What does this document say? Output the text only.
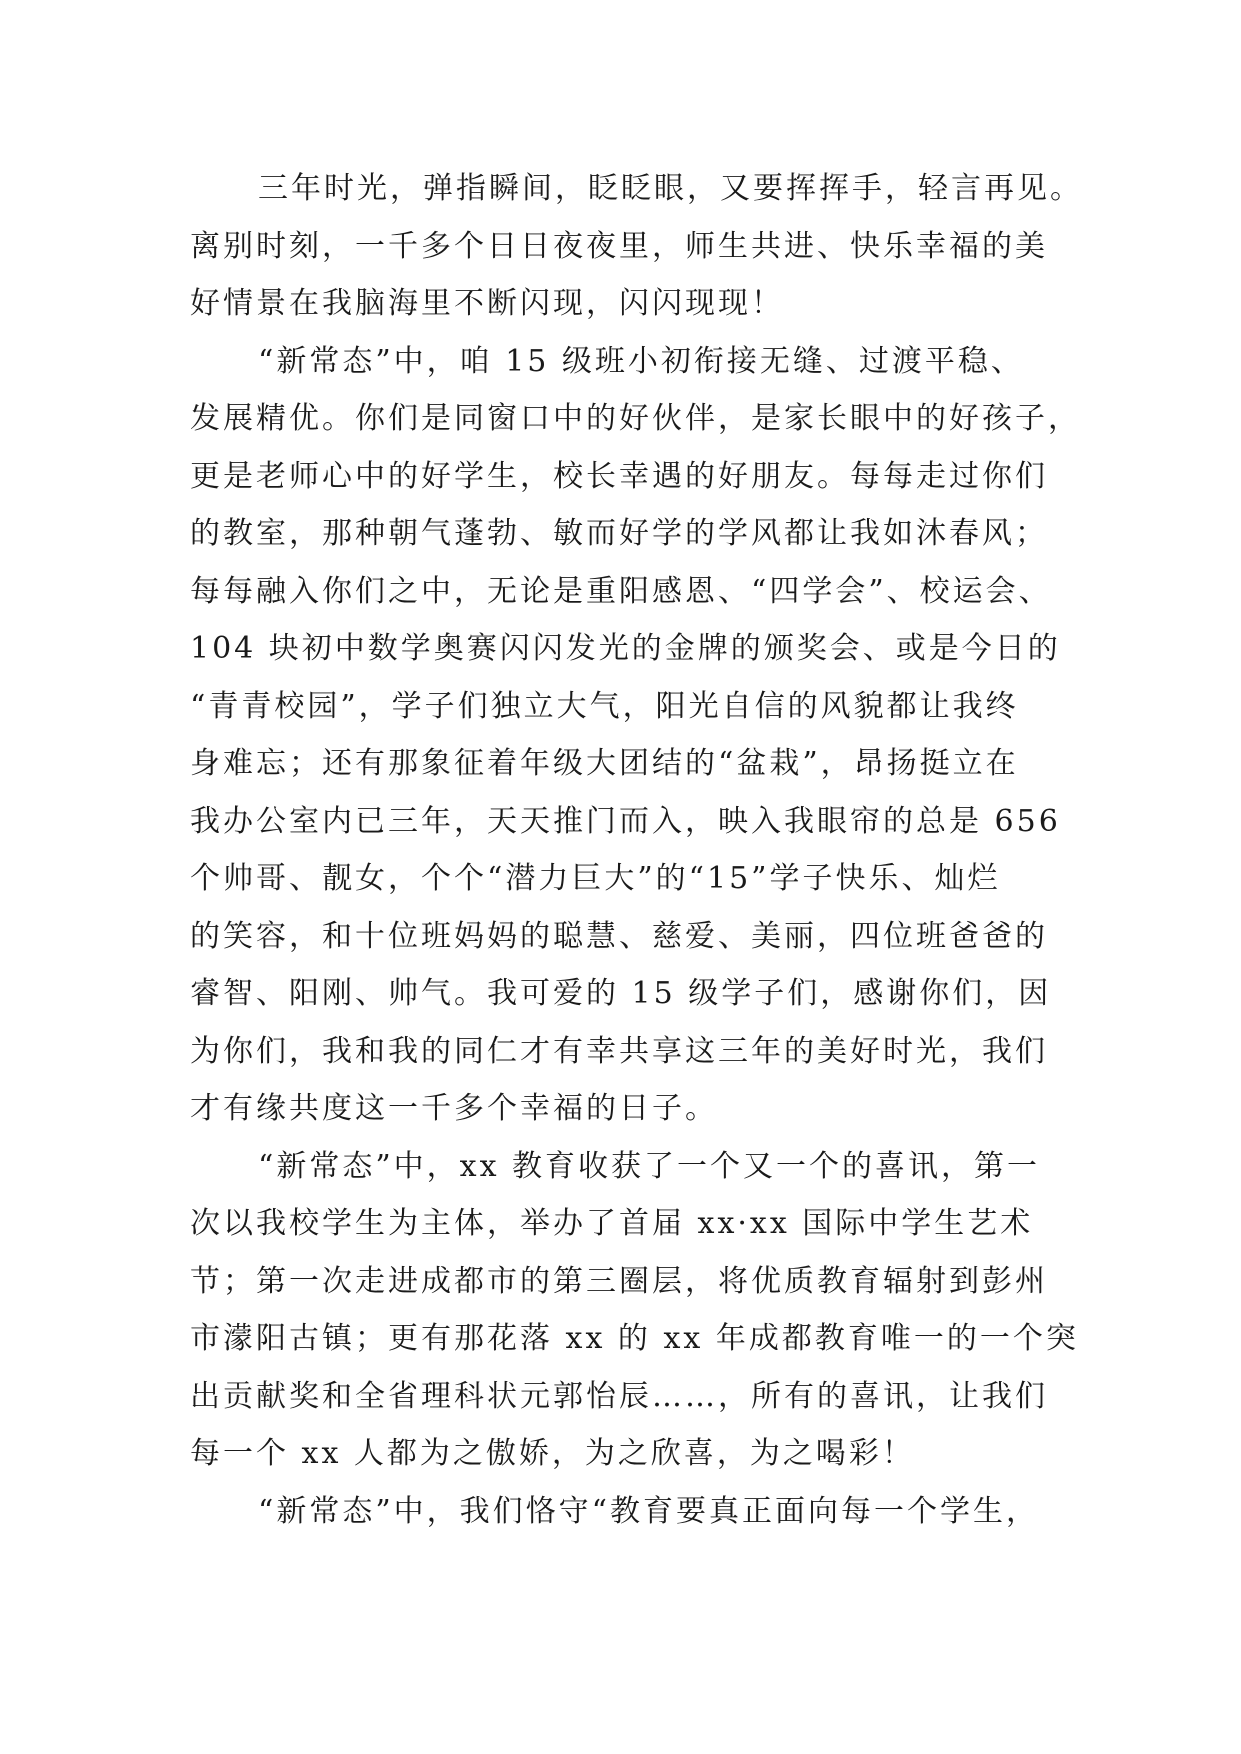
三年时光，弹指瞬间，眨眨眼，又要挥挥手，轻言再见。
离别时刻，一千多个日日夜夜里，师生共进、快乐幸福的美
好情景在我脑海里不断闪现，闪闪现现！
“新常态”中，咱 15 级班小初衔接无缝、过渡平稳、
发展精优。你们是同窗口中的好伙伴，是家长眼中的好孩子，
更是老师心中的好学生，校长幸遇的好朋友。每每走过你们
的教室，那种朝气蓬勃、敏而好学的学风都让我如沐春风；
每每融入你们之中，无论是重阳感恩、“四学会”、校运会、
104 块初中数学奥赛闪闪发光的金牌的颁奖会、或是今日的
“青青校园”，学子们独立大气，阳光自信的风貌都让我终
身难忘；还有那象征着年级大团结的“盆栽”，昂扬挺立在
我办公室内已三年，天天推门而入，映入我眼帘的总是 656
个帅哥、靓女，个个“潜力巨大”的“15”学子快乐、灿烂
的笑容，和十位班妈妈的聪慧、慈爱、美丽，四位班爸爸的
睿智、阳刚、帅气。我可爱的 15 级学子们，感谢你们，因
为你们，我和我的同仁才有幸共享这三年的美好时光，我们
才有缘共度这一千多个幸福的日子。
“新常态”中，xx 教育收获了一个又一个的喜讯，第一
次以我校学生为主体，举办了首届 xx·xx 国际中学生艺术
节；第一次走进成都市的第三圈层，将优质教育辐射到彭州
市濛阳古镇；更有那花落 xx 的 xx 年成都教育唯一的一个突
出贡献奖和全省理科状元郭怡辰……，所有的喜讯，让我们
每一个 xx 人都为之傲娇，为之欣喜，为之喝彩！
“新常态”中，我们恪守“教育要真正面向每一个学生，
